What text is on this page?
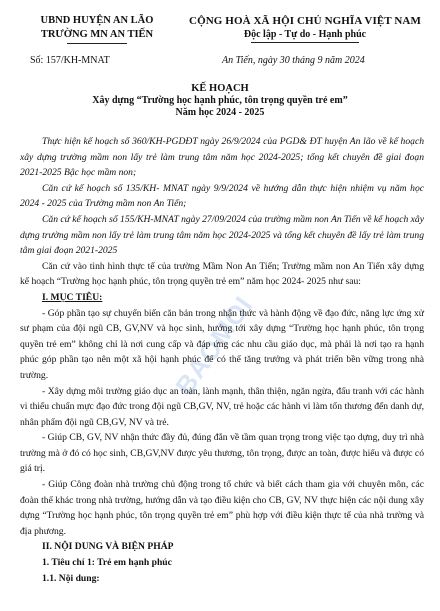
UBND HUYỆN AN LÃO
TRƯỜNG MN AN TIẾN
CỘNG HOÀ XÃ HỘI CHỦ NGHĨA VIỆT NAM
Độc lập - Tự do - Hạnh phúc
Số: 157/KH-MNAT	An Tiến, ngày 30 tháng 9 năm 2024
KẾ HOẠCH
Xây dựng “Trường học hạnh phúc, tôn trọng quyền trẻ em”
Năm học 2024 - 2025
BAOMOI

Thực hiện kế hoạch số 360/KH-PGDĐT ngày 26/9/2024 của PGD& ĐT huyện An lão về kế hoạch xây dựng trường mầm non lấy trẻ làm trung tâm năm học 2024-2025; tổng kết chuyên đề giai đoạn 2021-2025 Bậc học mầm non;

Căn cứ kế hoạch số 135/KH- MNAT ngày 9/9/2024 về hướng dẫn thực hiện nhiệm vụ năm học 2024 - 2025 của Trường mầm non An Tiến;

Căn cứ kế hoạch số 155/KH-MNAT ngày 27/09/2024 của trường mầm non An Tiến về kế hoạch xây dựng trường mầm non lấy trẻ làm trung tâm năm học 2024-2025 và tổng kết chuyên đề lấy trẻ làm trung tâm giai đoạn 2021-2025

Căn cứ vào tình hình thực tế của trường Mầm Non An Tiến; Trường mầm non An Tiến xây dựng kế hoạch “Trường học hạnh phúc, tôn trọng quyền trẻ em” năm học 2024- 2025 như sau:

I. MỤC TIÊU:

- Góp phần tạo sự chuyển biến căn bản trong nhận thức và hành động về đạo đức, năng lực ứng xử sư phạm của đội ngũ CB, GV,NV và học sinh, hướng tới xây dựng “Trường học hạnh phúc, tôn trọng quyền trẻ em” không chỉ là nơi cung cấp và đáp ứng các nhu cầu giáo dục, mà phải là nơi tạo ra hạnh phúc góp phần tạo nên một xã hội hạnh phúc để có thể tăng trưởng và phát triển bền vững trong nhà trường.

- Xây dựng môi trường giáo dục an toàn, lành mạnh, thân thiện, ngăn ngừa, đấu tranh với các hành vi thiếu chuẩn mực đạo đức trong đội ngũ CB,GV, NV, trẻ hoặc các hành vi làm tổn thương đến danh dự, nhân phẩm đội ngũ CB,GV, NV và trẻ.

- Giúp CB, GV, NV nhận thức đầy đủ, đúng đắn về tầm quan trọng trong việc tạo dựng, duy trì nhà trường mà ở đó có học sinh, CB,GV,NV được yêu thương, tôn trọng, được an toàn, được hiểu và được có giá trị.

- Giúp Công đoàn nhà trường chủ động trong tổ chức và biết cách tham gia với chuyên môn, các đoàn thể khác trong nhà trường, hướng dẫn và tạo điều kiện cho CB, GV, NV thực hiện các nội dung xây dựng “Trường học hạnh phúc, tôn trọng quyền trẻ em” phù hợp với điều kiện thực tế của nhà trường và địa phương.

II. NỘI DUNG VÀ BIỆN PHÁP

1. Tiêu chí 1: Trẻ em hạnh phúc

1.1. Nội dung:
